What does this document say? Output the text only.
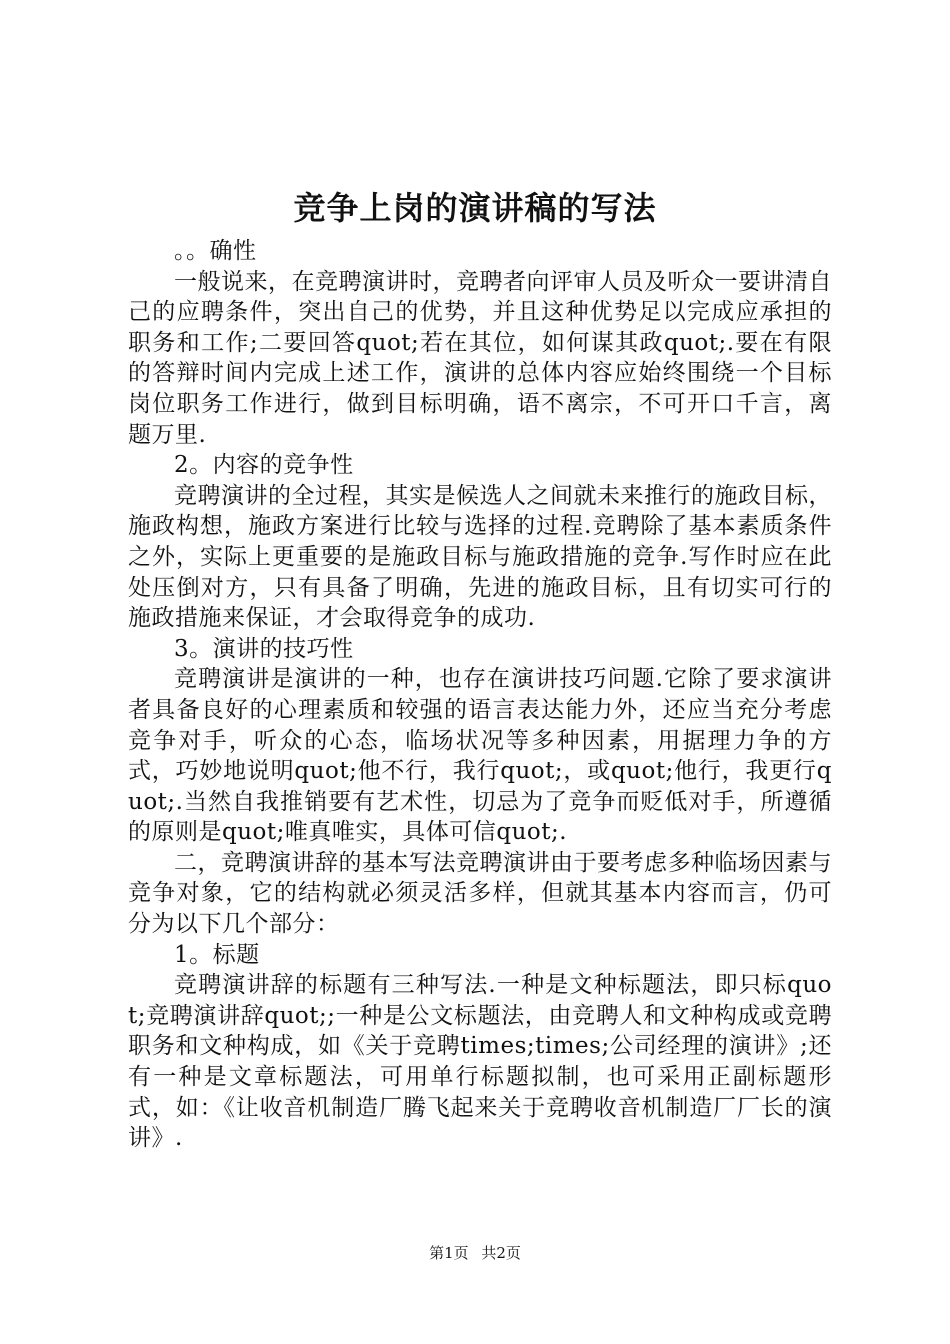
竞争上岗的演讲稿的写法

。。确性

一般说来，在竞聘演讲时，竞聘者向评审人员及听众一要讲清自己的应聘条件，突出自己的优势，并且这种优势足以完成应承担的职务和工作;二要回答quot;若在其位，如何谋其政quot;.要在有限的答辩时间内完成上述工作，演讲的总体内容应始终围绕一个目标岗位职务工作进行，做到目标明确，语不离宗，不可开口千言，离题万里.

2。内容的竞争性

竞聘演讲的全过程，其实是候选人之间就未来推行的施政目标，施政构想，施政方案进行比较与选择的过程.竞聘除了基本素质条件之外，实际上更重要的是施政目标与施政措施的竞争.写作时应在此处压倒对方，只有具备了明确，先进的施政目标，且有切实可行的施政措施来保证，才会取得竞争的成功.

3。演讲的技巧性

竞聘演讲是演讲的一种，也存在演讲技巧问题.它除了要求演讲者具备良好的心理素质和较强的语言表达能力外，还应当充分考虑竞争对手，听众的心态，临场状况等多种因素，用据理力争的方式，巧妙地说明quot;他不行，我行quot;，或quot;他行，我更行quot;.当然自我推销要有艺术性，切忌为了竞争而贬低对手，所遵循的原则是quot;唯真唯实，具体可信quot;.

二，竞聘演讲辞的基本写法竞聘演讲由于要考虑多种临场因素与竞争对象，它的结构就必须灵活多样，但就其基本内容而言，仍可分为以下几个部分：

1。标题

竞聘演讲辞的标题有三种写法.一种是文种标题法，即只标quot;竞聘演讲辞quot;;一种是公文标题法，由竞聘人和文种构成或竞聘职务和文种构成，如《关于竞聘times;times;公司经理的演讲》;还有一种是文章标题法，可用单行标题拟制，也可采用正副标题形式，如：《让收音机制造厂腾飞起来关于竞聘收音机制造厂厂长的演讲》.

第1页 共2页
